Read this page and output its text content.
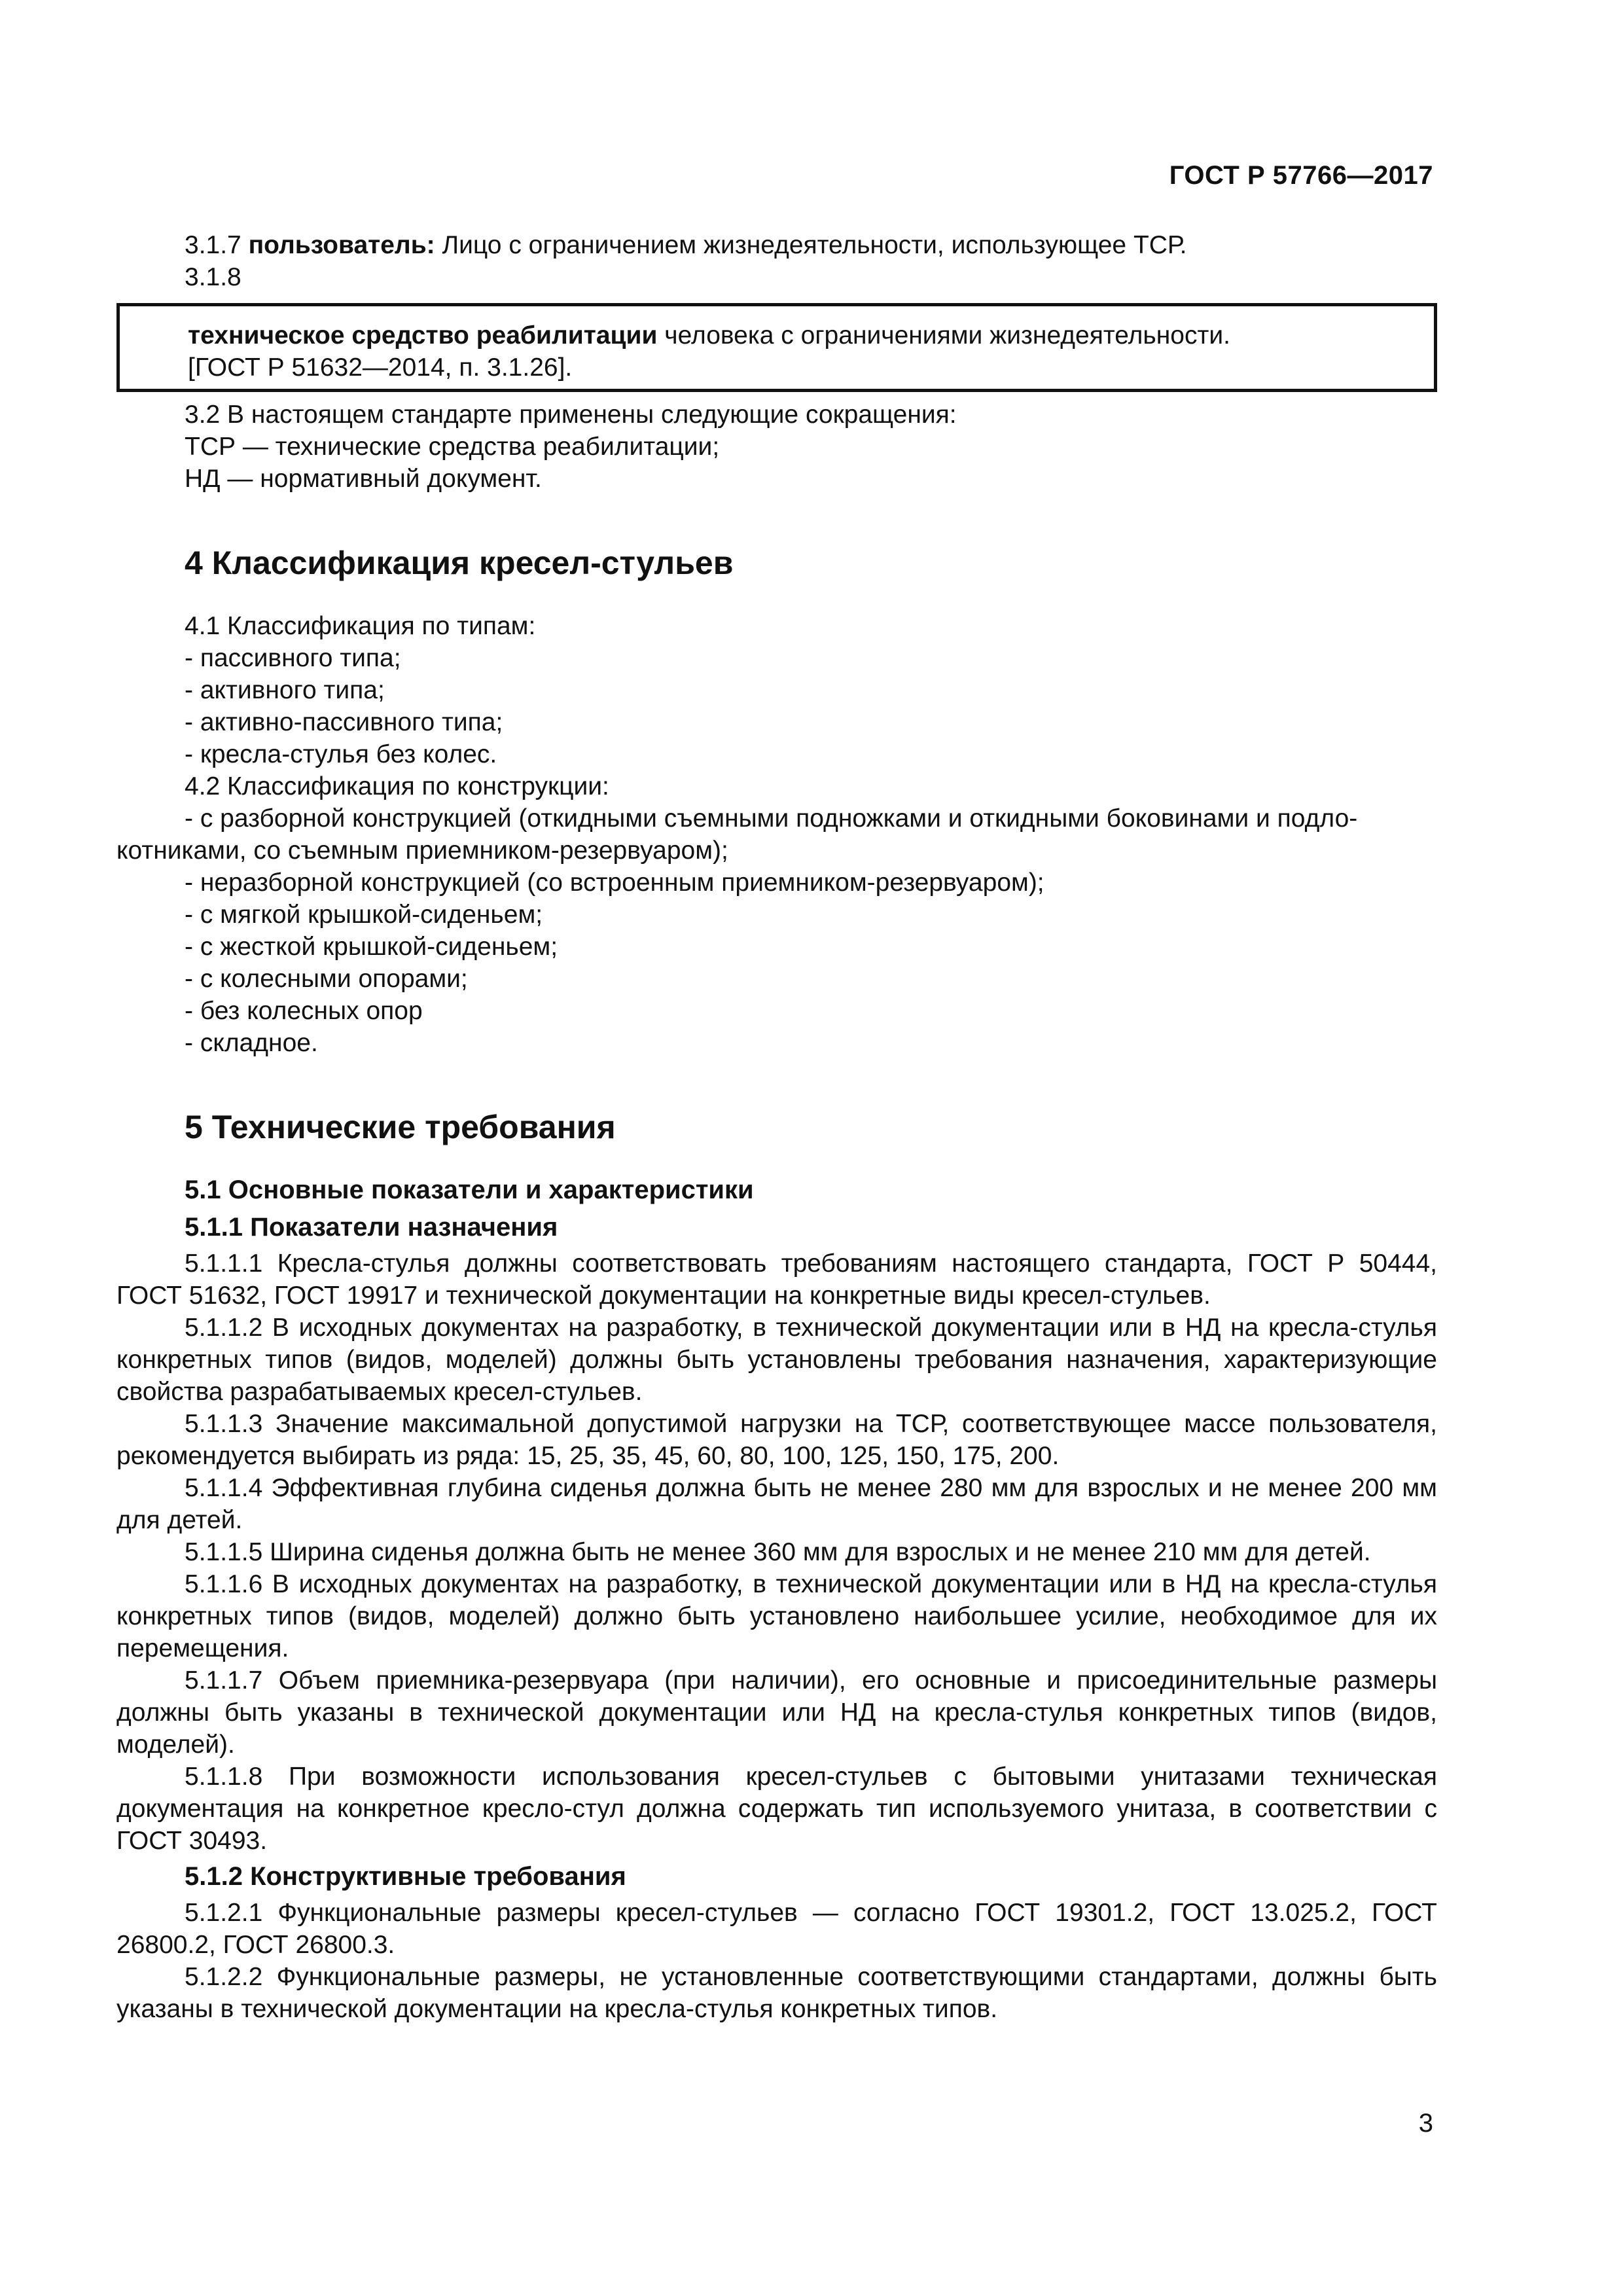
ГОСТ Р 57766—2017

3.1.7 пользователь: Лицо с ограничением жизнедеятельности, использующее ТСР.

3.1.8

техническое средство реабилитации человека с ограничениями жизнедеятельности.

[ГОСТ Р 51632—2014, п. 3.1.26].

3.2 В настоящем стандарте применены следующие сокращения:

ТСР — технические средства реабилитации;

НД — нормативный документ.

4 Классификация кресел-стульев

4.1 Классификация по типам:

- пассивного типа;

- активного типа;

- активно-пассивного типа;

- кресла-стулья без колес.

4.2 Классификация по конструкции:

- с разборной конструкцией (откидными съемными подножками и откидными боковинами и подло-

котниками, со съемным приемником-резервуаром);

- неразборной конструкцией (со встроенным приемником-резервуаром);

- с мягкой крышкой-сиденьем;

- с жесткой крышкой-сиденьем;

- с колесными опорами;

- без колесных опор

- складное.

5 Технические требования
5.1 Основные показатели и характеристики
5.1.1 Показатели назначения

5.1.1.1 Кресла-стулья должны соответствовать требованиям настоящего стандарта, ГОСТ Р 50444, ГОСТ 51632, ГОСТ 19917 и технической документации на конкретные виды кресел-стульев.

5.1.1.2 В исходных документах на разработку, в технической документации или в НД на кресла-стулья конкретных типов (видов, моделей) должны быть установлены требования назначения, характеризующие свойства разрабатываемых кресел-стульев.

5.1.1.3 Значение максимальной допустимой нагрузки на ТСР, соответствующее массе пользователя, рекомендуется выбирать из ряда: 15, 25, 35, 45, 60, 80, 100, 125, 150, 175, 200.

5.1.1.4 Эффективная глубина сиденья должна быть не менее 280 мм для взрослых и не менее 200 мм для детей.

5.1.1.5 Ширина сиденья должна быть не менее 360 мм для взрослых и не менее 210 мм для детей.

5.1.1.6 В исходных документах на разработку, в технической документации или в НД на кресла-стулья конкретных типов (видов, моделей) должно быть установлено наибольшее усилие, необходимое для их перемещения.

5.1.1.7 Объем приемника-резервуара (при наличии), его основные и присоединительные размеры должны быть указаны в технической документации или НД на кресла-стулья конкретных типов (видов, моделей).

5.1.1.8 При возможности использования кресел-стульев с бытовыми унитазами техническая документация на конкретное кресло-стул должна содержать тип используемого унитаза, в соответствии с ГОСТ 30493.

5.1.2 Конструктивные требования

5.1.2.1 Функциональные размеры кресел-стульев — согласно ГОСТ 19301.2, ГОСТ 13.025.2, ГОСТ 26800.2, ГОСТ 26800.3.

5.1.2.2 Функциональные размеры, не установленные соответствующими стандартами, должны быть указаны в технической документации на кресла-стулья конкретных типов.

3
